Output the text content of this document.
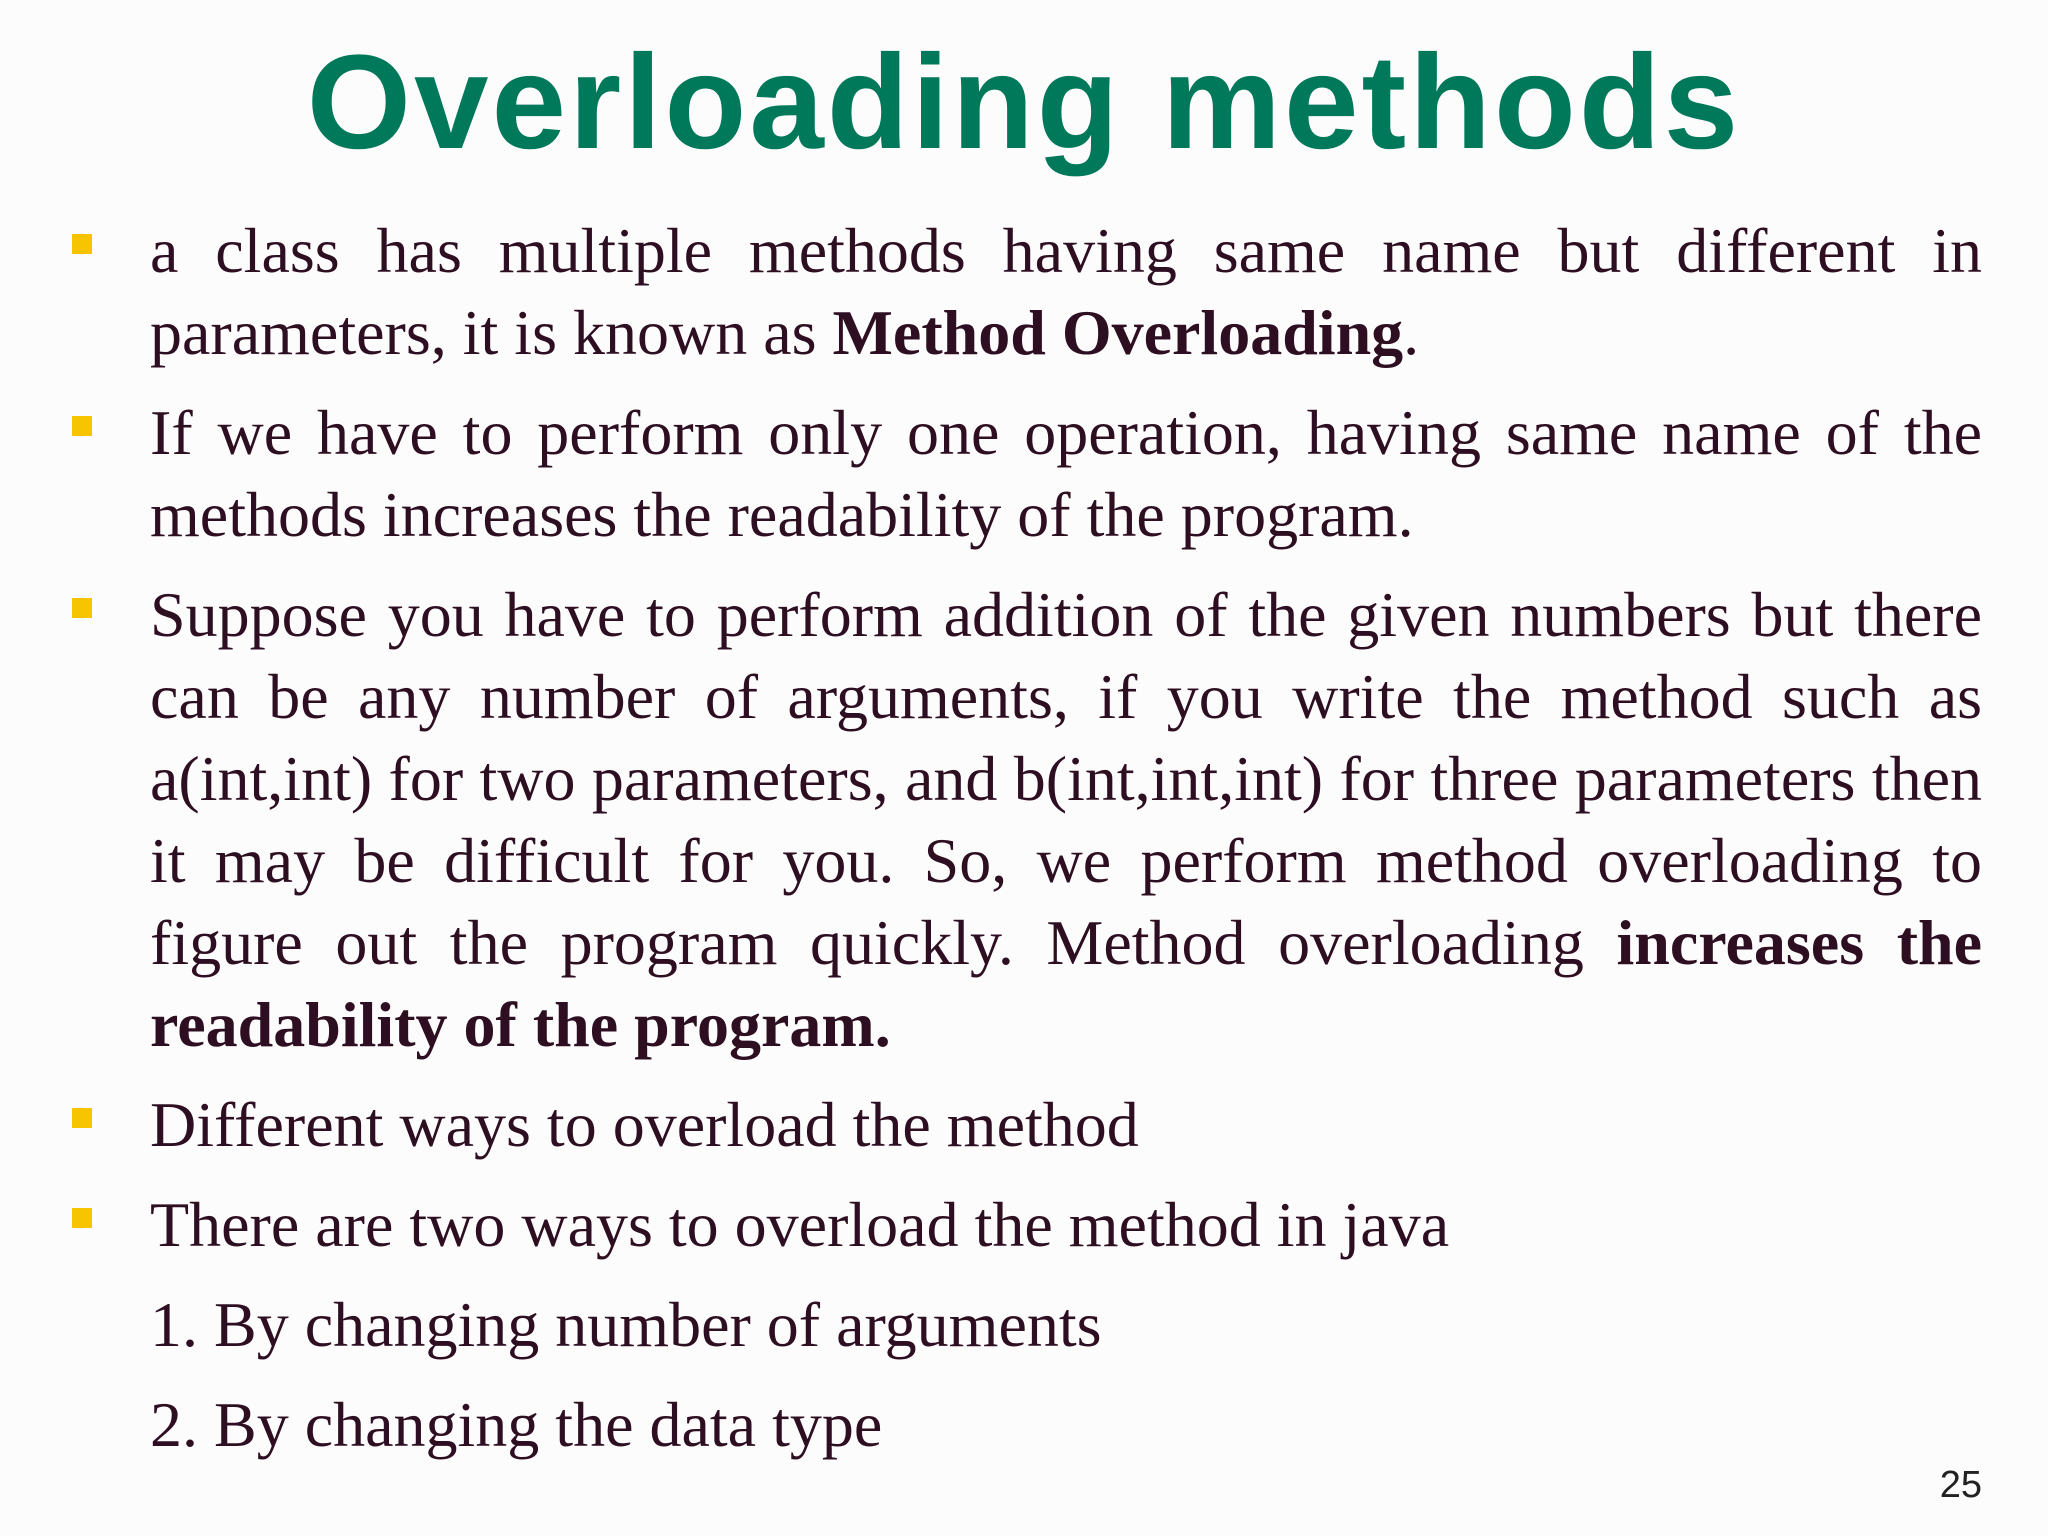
Overloading methods
a class has multiple methods having same name but different in parameters, it is known as Method Overloading.
If we have to perform only one operation, having same name of the methods increases the readability of the program.
Suppose you have to perform addition of the given numbers but there can be any number of arguments, if you write the method such as a(int,int) for two parameters, and b(int,int,int) for three parameters then it may be difficult for you. So, we perform method overloading to figure out the program quickly. Method overloading increases the readability of the program.
Different ways to overload the method
There are two ways to overload the method in java
1. By changing number of arguments
2. By changing the data type
25
